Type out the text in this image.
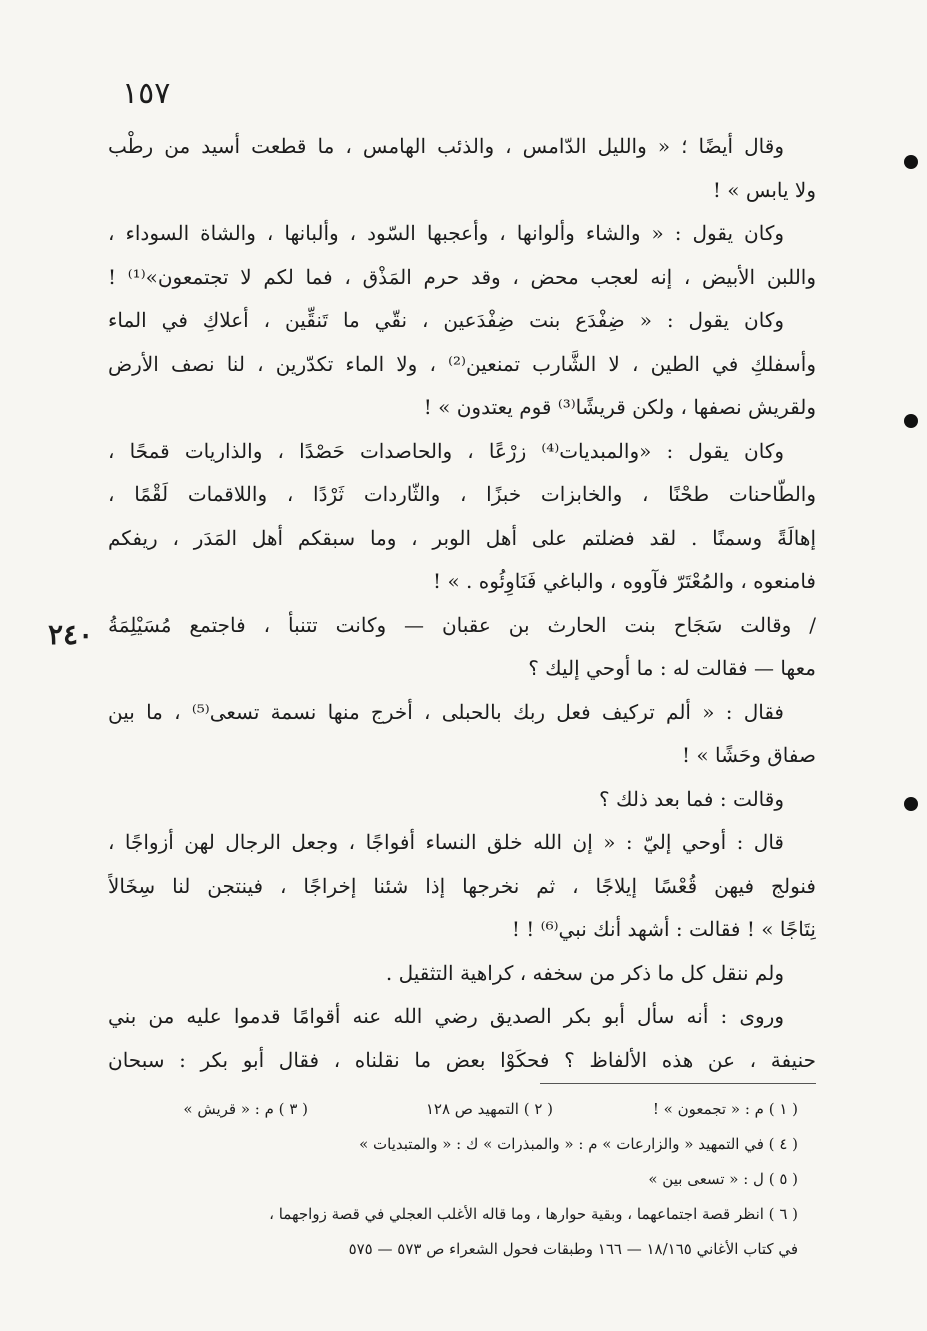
١٥٧
٢٤٠
وقال أيضًا ؛ « والليل الدّامس ، والذئب الهامس ، ما قطعت أسيد من رطْب
ولا يابس » !
وكان يقول : « والشاء وألوانها ، وأعجبها السّود ، وألبانها ، والشاة السوداء ،
واللبن الأبيض ، إنه لعجب محض ، وقد حرم المَذْق ، فما لكم لا تجتمعون»⁽¹⁾ !
وكان يقول : « ضِفْدَع بنت ضِفْدَعين ، نقّي ما تَنقِّين ، أعلاكِ في الماء
وأسفلكِ في الطين ، لا الشَّارب تمنعين⁽²⁾ ، ولا الماء تكدّرين ، لنا نصف الأرض
ولقريش نصفها ، ولكن قريشًا⁽³⁾ قوم يعتدون » !
وكان يقول : «والمبديات⁽⁴⁾ زرْعًا ، والحاصدات حَصْدًا ، والذاريات قمحًا ،
والطّاحنات طحْنًا ، والخابزات خبزًا ، والثّاردات ثَرْدًا ، واللاقمات لَقْمًا ،
إهالَةً وسمنًا . لقد فضلتم على أهل الوبر ، وما سبقكم أهل المَدَر ، ريفكم
فامنعوه ، والمُعْتَرّ فآووه ، والباغي فَنَاوِئُوه . » !
/ وقالت سَجَاح بنت الحارث بن عقبان — وكانت تتنبأ ، فاجتمع مُسَيْلِمَةُ
معها — فقالت له : ما أوحي إليك ؟
فقال : « ألم تركيف فعل ربك بالحبلى ، أخرج منها نسمة تسعى⁽⁵⁾ ، ما بين
صفاق وحَشًا » !
وقالت : فما بعد ذلك ؟
قال : أوحي إليّ : « إن الله خلق النساء أفواجًا ، وجعل الرجال لهن أزواجًا ،
فنولج فيهن قُعْسًا إيلاجًا ، ثم نخرجها إذا شئنا إخراجًا ، فينتجن لنا سِخَالاً
نِتَاجًا » ! فقالت : أشهد أنك نبي⁽⁶⁾ ! !
ولم ننقل كل ما ذكر من سخفه ، كراهية التثقيل .
وروى : أنه سأل أبو بكر الصديق رضي الله عنه أقوامًا قدموا عليه من بني
حنيفة ، عن هذه الألفاظ ؟ فحكَوْا بعض ما نقلناه ، فقال أبو بكر : سبحان
( ١ ) م : « تجمعون » !
( ٢ ) التمهيد ص ١٢٨
( ٣ ) م : « قريش »
( ٤ ) في التمهيد « والزارعات » م : « والمبذرات » ك : « والمتبديات »
( ٥ ) ل : « تسعى بين »
( ٦ ) انظر قصة اجتماعهما ، وبقية حوارها ، وما قاله الأغلب العجلي في قصة زواجهما ،
في كتاب الأغاني ١٨/١٦٥ — ١٦٦ وطبقات فحول الشعراء ص ٥٧٣ — ٥٧٥
